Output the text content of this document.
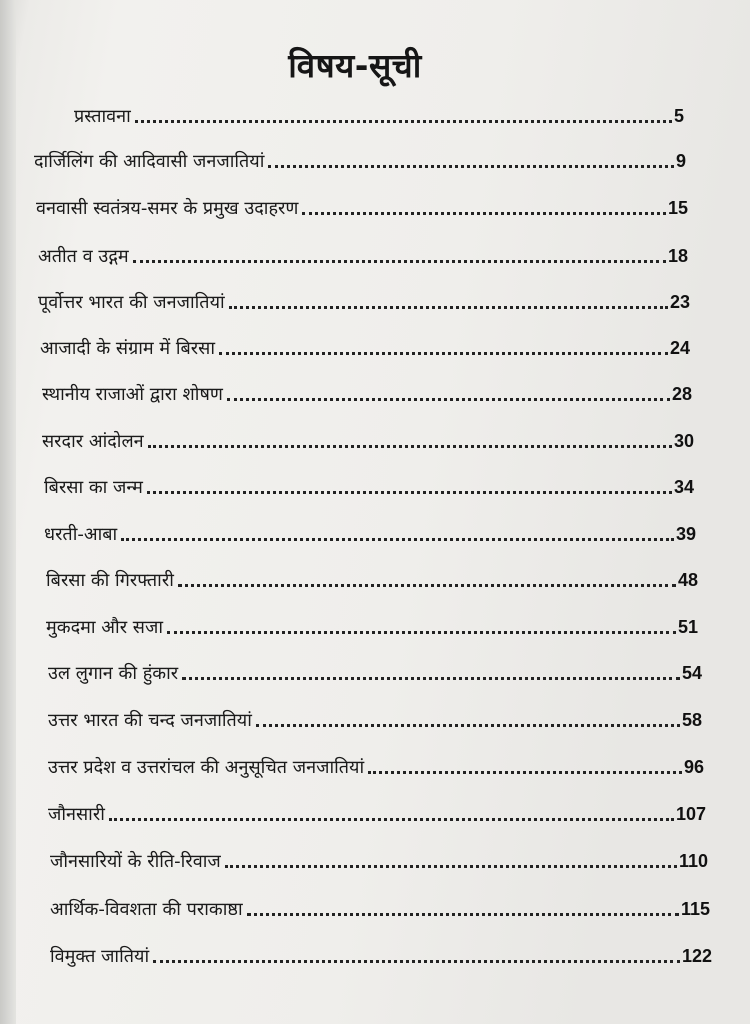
विषय-सूची
प्रस्तावना	5
दार्जिलिंग की आदिवासी जनजातियां	9
वनवासी स्वतंत्रय-समर के प्रमुख उदाहरण	15
अतीत व उद्गम	18
पूर्वोत्तर भारत की जनजातियां	23
आजादी के संग्राम में बिरसा	24
स्थानीय राजाओं द्वारा शोषण	28
सरदार आंदोलन	30
बिरसा का जन्म	34
धरती-आबा	39
बिरसा की गिरफ्तारी	48
मुकदमा और सजा	51
उल लुगान की हुंकार	54
उत्तर भारत की चन्द जनजातियां	58
उत्तर प्रदेश व उत्तरांचल की अनुसूचित जनजातियां	96
जौनसारी	107
जौनसारियों के रीति-रिवाज	110
आर्थिक-विवशता की पराकाष्ठा	115
विमुक्त जातियां	122
